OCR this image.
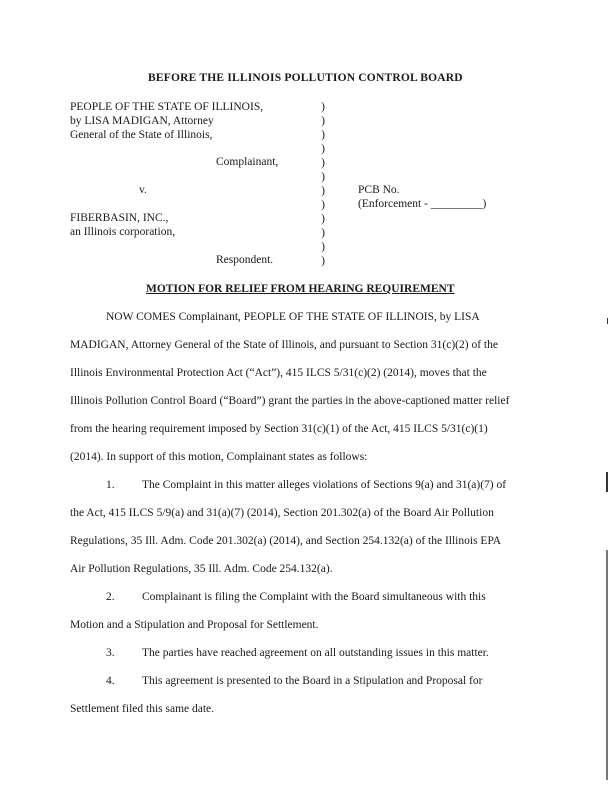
BEFORE THE ILLINOIS POLLUTION CONTROL BOARD
PEOPLE OF THE STATE OF ILLINOIS,
by LISA MADIGAN, Attorney
General of the State of Illinois,
Complainant,
v.
FIBERBASIN, INC.,
an Illinois corporation,
Respondent.
PCB No.
(Enforcement - _________)
)
)
)
)
)
)
)
)
)
)
)
)
MOTION FOR RELIEF FROM HEARING REQUIREMENT
NOW COMES Complainant, PEOPLE OF THE STATE OF ILLINOIS, by LISA
MADIGAN, Attorney General of the State of Illinois, and pursuant to Section 31(c)(2) of the
Illinois Environmental Protection Act (“Act”), 415 ILCS 5/31(c)(2) (2014), moves that the
Illinois Pollution Control Board (“Board”) grant the parties in the above-captioned matter relief
from the hearing requirement imposed by Section 31(c)(1) of the Act, 415 ILCS 5/31(c)(1)
(2014). In support of this motion, Complainant states as follows:
1. The Complaint in this matter alleges violations of Sections 9(a) and 31(a)(7) of
the Act, 415 ILCS 5/9(a) and 31(a)(7) (2014), Section 201.302(a) of the Board Air Pollution
Regulations, 35 Ill. Adm. Code 201.302(a) (2014), and Section 254.132(a) of the Illinois EPA
Air Pollution Regulations, 35 Ill. Adm. Code 254.132(a).
2. Complainant is filing the Complaint with the Board simultaneous with this
Motion and a Stipulation and Proposal for Settlement.
3. The parties have reached agreement on all outstanding issues in this matter.
4. This agreement is presented to the Board in a Stipulation and Proposal for
Settlement filed this same date.
